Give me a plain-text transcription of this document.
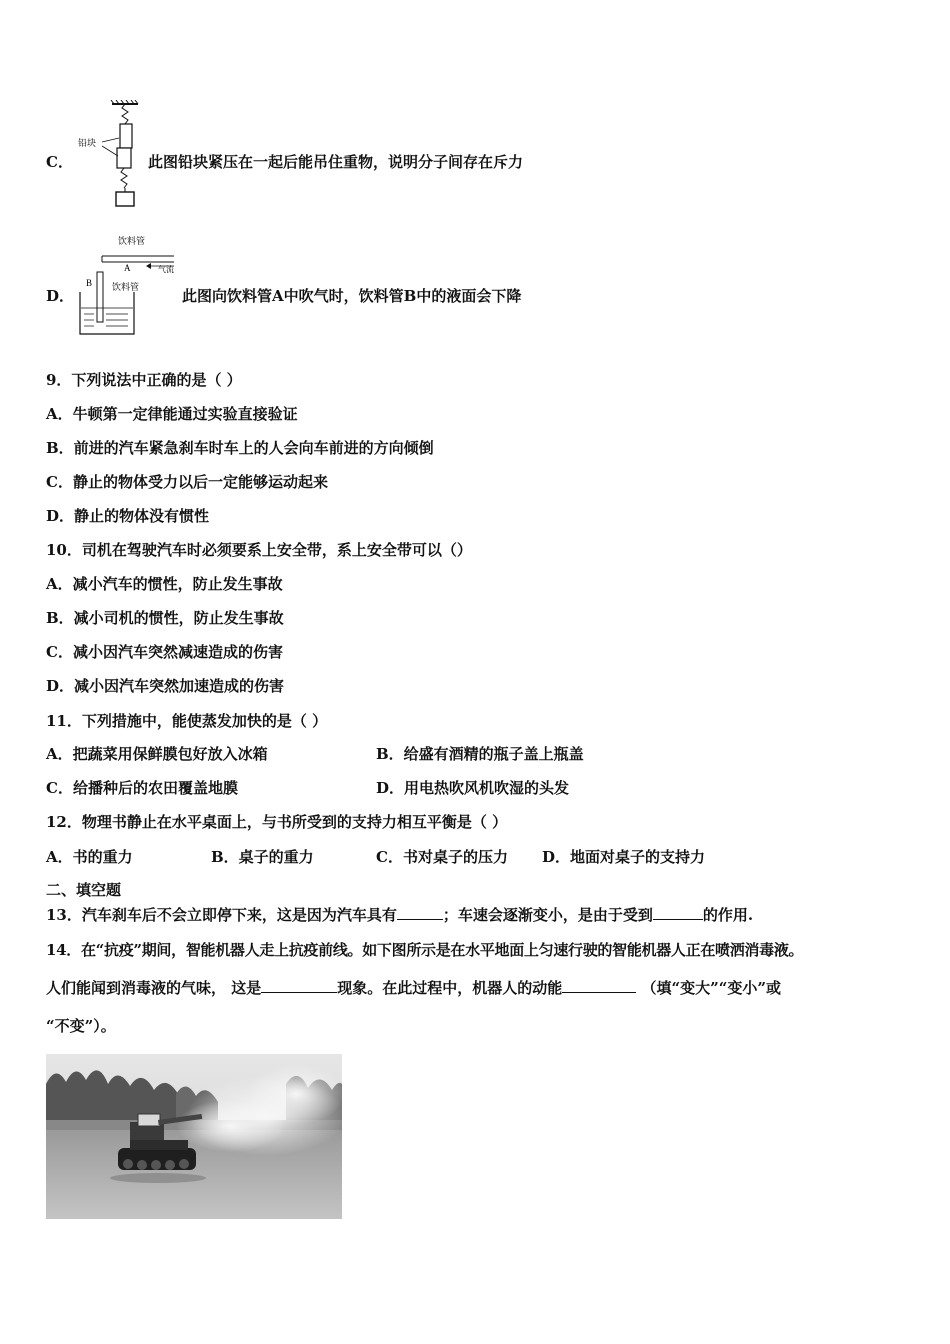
C．
铅块
此图铅块紧压在一起后能吊住重物，说明分子间存在斥力
D．
饮料管
A	气流
B 饮料管	此图向饮料管A中吹气时，饮料管B中的液面会下降
9．下列说法中正确的是（ ）
A．牛顿第一定律能通过实验直接验证
B．前进的汽车紧急刹车时车上的人会向车前进的方向倾倒
C．静止的物体受力以后一定能够运动起来
D．静止的物体没有惯性
10．司机在驾驶汽车时必须要系上安全带，系上安全带可以（）
A．减小汽车的惯性，防止发生事故
B．减小司机的惯性，防止发生事故
C．减小因汽车突然减速造成的伤害
D．减小因汽车突然加速造成的伤害
11．下列措施中，能使蒸发加快的是（ ）
A．把蔬菜用保鲜膜包好放入冰箱	B．给盛有酒精的瓶子盖上瓶盖
C．给播种后的农田覆盖地膜	D．用电热吹风机吹湿的头发
12．物理书静止在水平桌面上，与书所受到的支持力相互平衡是（ ）
A．书的重力	B．桌子的重力	C．书对桌子的压力 D．地面对桌子的支持力
二、填空题
13．汽车刹车后不会立即停下来，这是因为汽车具有	；车速会逐渐变小，是由于受到	的作用.
14．在“抗疫”期间，智能机器人走上抗疫前线。如下图所示是在水平地面上匀速行驶的智能机器人正在喷洒消毒液。
人们能闻到消毒液的气味， 这是	现象。在此过程中，机器人的动能	（填“变大”“变小”或
“不变”）。
